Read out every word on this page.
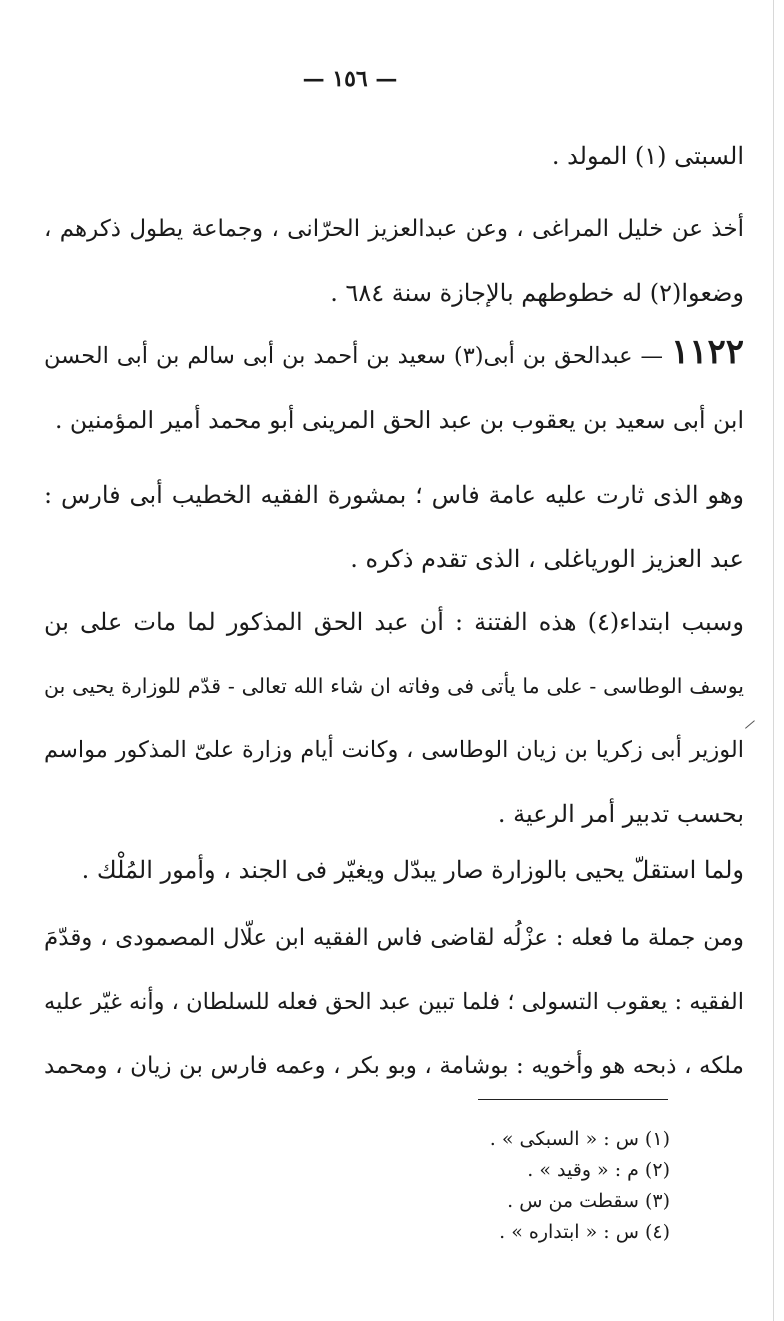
— ١٥٦ —
السبتى (١) المولد .
أخذ عن خليل المراغى ، وعن عبدالعزيز الحرّانى ، وجماعة يطول ذكرهم ،
وضعوا(٢) له خطوطهم بالإجازة سنة ٦٨٤ .
١١٢٢ — عبدالحق بن أبى(٣) سعيد بن أحمد بن أبى سالم بن أبى الحسن
ابن أبى سعيد بن يعقوب بن عبد الحق المرينى أبو محمد أمير المؤمنين .
وهو الذى ثارت عليه عامة فاس ؛ بمشورة الفقيه الخطيب أبى فارس :
عبد العزيز الورياغلى ، الذى تقدم ذكره .
وسبب ابتداء(٤) هذه الفتنة : أن عبد الحق المذكور لما مات على بن
يوسف الوطاسى - على ما يأتى فى وفاته ان شاء الله تعالى - قدّم للوزارة يحيى بن
الوزير أبى زكريا بن زيان الوطاسى ، وكانت أيام وزارة علىّ المذكور مواسم
بحسب تدبير أمر الرعية .
ولما استقلّ يحيى بالوزارة صار يبدّل ويغيّر فى الجند ، وأمور المُلْك .
ومن جملة ما فعله : عزْلُه لقاضى فاس الفقيه ابن علّال المصمودى ، وقدّمَ
الفقيه : يعقوب التسولى ؛ فلما تبين عبد الحق فعله للسلطان ، وأنه غيّر عليه
ملكه ، ذبحه هو وأخويه : بوشامة ، وبو بكر ، وعمه فارس بن زيان ، ومحمد
(١) س : « السبكى » .
(٢) م : « وقيد » .
(٣) سقطت من س .
(٤) س : « ابتداره » .
